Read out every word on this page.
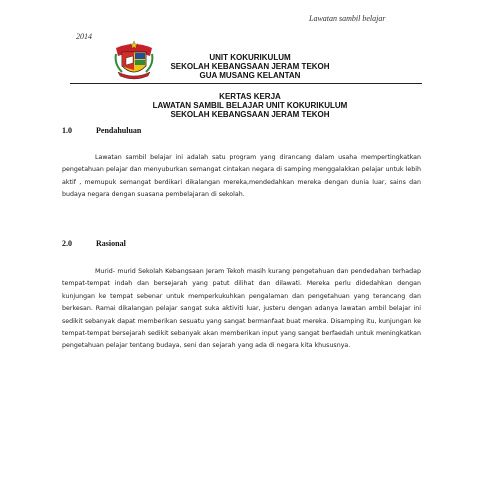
Lawatan sambil belajar
2014
UNIT KOKURIKULUM
SEKOLAH KEBANGSAAN JERAM TEKOH
GUA MUSANG KELANTAN
KERTAS KERJA
LAWATAN SAMBIL BELAJAR UNIT KOKURIKULUM
SEKOLAH KEBANGSAAN JERAM TEKOH
1.0	Pendahuluan
Lawatan sambil belajar ini adalah satu program yang dirancang dalam usaha mempertingkatkan pengetahuan pelajar dan menyuburkan semangat cintakan negara di samping menggalakkan pelajar untuk lebih aktif , memupuk semangat berdikari dikalangan mereka,mendedahkan mereka dengan dunia luar, sains dan budaya negara dengan suasana pembelajaran di sekolah.
2.0	Rasional
Murid- murid Sekolah Kebangsaan Jeram Tekoh masih kurang pengetahuan dan pendedahan terhadap tempat-tempat indah dan bersejarah yang patut dilihat dan dilawati. Mereka perlu didedahkan dengan kunjungan ke tempat sebenar untuk memperkukuhkan pengalaman dan pengetahuan yang terancang dan berkesan. Ramai dikalangan pelajar sangat suka aktiviti luar, justeru dengan adanya lawatan ambil belajar ini sedikit sebanyak dapat memberikan sesuatu yang sangat bermanfaat buat mereka. Disamping itu, kunjungan ke tempat-tempat bersejarah sedikit sebanyak akan memberikan input yang sangat berfaedah untuk meningkatkan pengetahuan pelajar tentang budaya, seni dan sejarah yang ada di negara kita khususnya.
